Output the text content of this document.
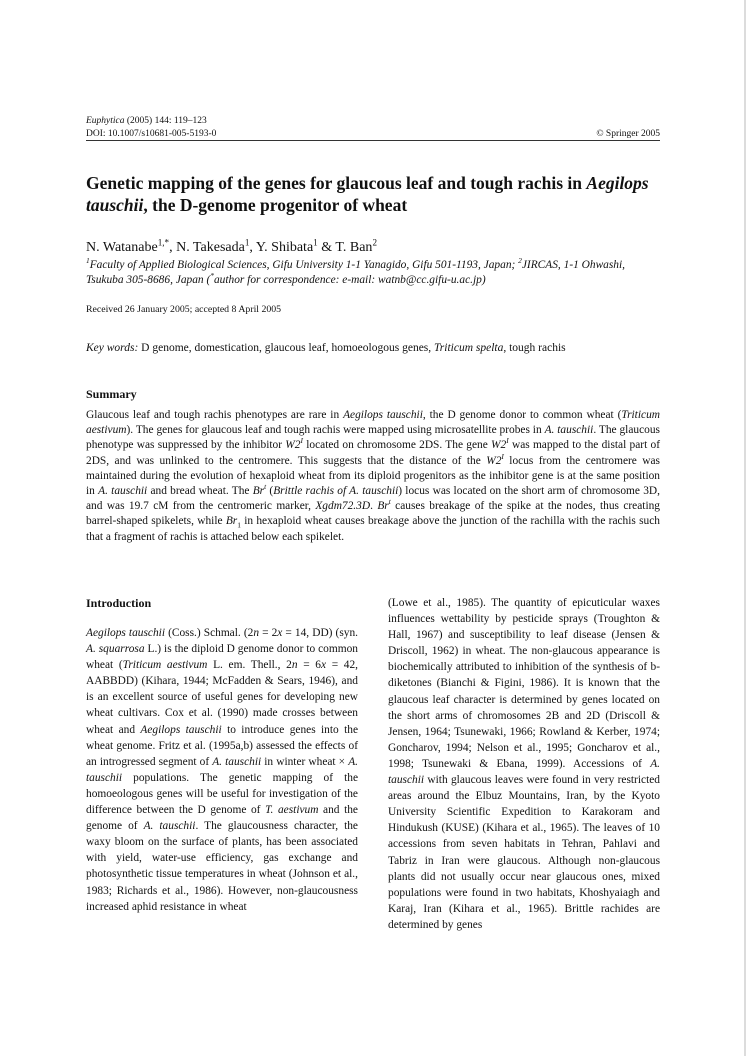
Euphytica (2005) 144: 119–123
DOI: 10.1007/s10681-005-5193-0	© Springer 2005
Genetic mapping of the genes for glaucous leaf and tough rachis in Aegilops tauschii, the D-genome progenitor of wheat
N. Watanabe$^{1,*}$, N. Takesada$^1$, Y. Shibata$^1$ & T. Ban$^2$
$^1$Faculty of Applied Biological Sciences, Gifu University 1-1 Yanagido, Gifu 501-1193, Japan; $^2$JIRCAS, 1-1 Ohwashi, Tsukuba 305-8686, Japan (*author for correspondence: e-mail: watnb@cc.gifu-u.ac.jp)
Received 26 January 2005; accepted 8 April 2005
Key words: D genome, domestication, glaucous leaf, homoeologous genes, Triticum spelta, tough rachis
Summary
Glaucous leaf and tough rachis phenotypes are rare in Aegilops tauschii, the D genome donor to common wheat (Triticum aestivum). The genes for glaucous leaf and tough rachis were mapped using microsatellite probes in A. tauschii. The glaucous phenotype was suppressed by the inhibitor $W2^I$ located on chromosome 2DS. The gene $W2^I$ was mapped to the distal part of 2DS, and was unlinked to the centromere. This suggests that the distance of the $W2^I$ locus from the centromere was maintained during the evolution of hexaploid wheat from its diploid progenitors as the inhibitor gene is at the same position in A. tauschii and bread wheat. The Br$^t$ (Brittle rachis of A. tauschii) locus was located on the short arm of chromosome 3D, and was 19.7 cM from the centromeric marker, Xgdm72.3D. Br$^t$ causes breakage of the spike at the nodes, thus creating barrel-shaped spikelets, while $Br_1$ in hexaploid wheat causes breakage above the junction of the rachilla with the rachis such that a fragment of rachis is attached below each spikelet.
Introduction
Aegilops tauschii (Coss.) Schmal. (2n = 2x = 14, DD) (syn. A. squarrosa L.) is the diploid D genome donor to common wheat (Triticum aestivum L. em. Thell., 2n = 6x = 42, AABBDD) (Kihara, 1944; McFadden & Sears, 1946), and is an excellent source of useful genes for developing new wheat cultivars. Cox et al. (1990) made crosses between wheat and Aegilops tauschii to introduce genes into the wheat genome. Fritz et al. (1995a,b) assessed the effects of an introgressed segment of A. tauschii in winter wheat × A. tauschii populations. The genetic mapping of the homoeologous genes will be useful for investigation of the difference between the D genome of T. aestivum and the genome of A. tauschii. The glaucousness character, the waxy bloom on the surface of plants, has been associated with yield, water-use efficiency, gas exchange and photosynthetic tissue temperatures in wheat (Johnson et al., 1983; Richards et al., 1986). However, non-glaucousness increased aphid resistance in wheat
(Lowe et al., 1985). The quantity of epicuticular waxes influences wettability by pesticide sprays (Troughton & Hall, 1967) and susceptibility to leaf disease (Jensen & Driscoll, 1962) in wheat. The non-glaucous appearance is biochemically attributed to inhibition of the synthesis of b-diketones (Bianchi & Figini, 1986). It is known that the glaucous leaf character is determined by genes located on the short arms of chromosomes 2B and 2D (Driscoll & Jensen, 1964; Tsunewaki, 1966; Rowland & Kerber, 1974; Goncharov, 1994; Nelson et al., 1995; Goncharov et al., 1998; Tsunewaki & Ebana, 1999). Accessions of A. tauschii with glaucous leaves were found in very restricted areas around the Elbuz Mountains, Iran, by the Kyoto University Scientific Expedition to Karakoram and Hindukush (KUSE) (Kihara et al., 1965). The leaves of 10 accessions from seven habitats in Tehran, Pahlavi and Tabriz in Iran were glaucous. Although non-glaucous plants did not usually occur near glaucous ones, mixed populations were found in two habitats, Khoshyaiagh and Karaj, Iran (Kihara et al., 1965). Brittle rachides are determined by genes
